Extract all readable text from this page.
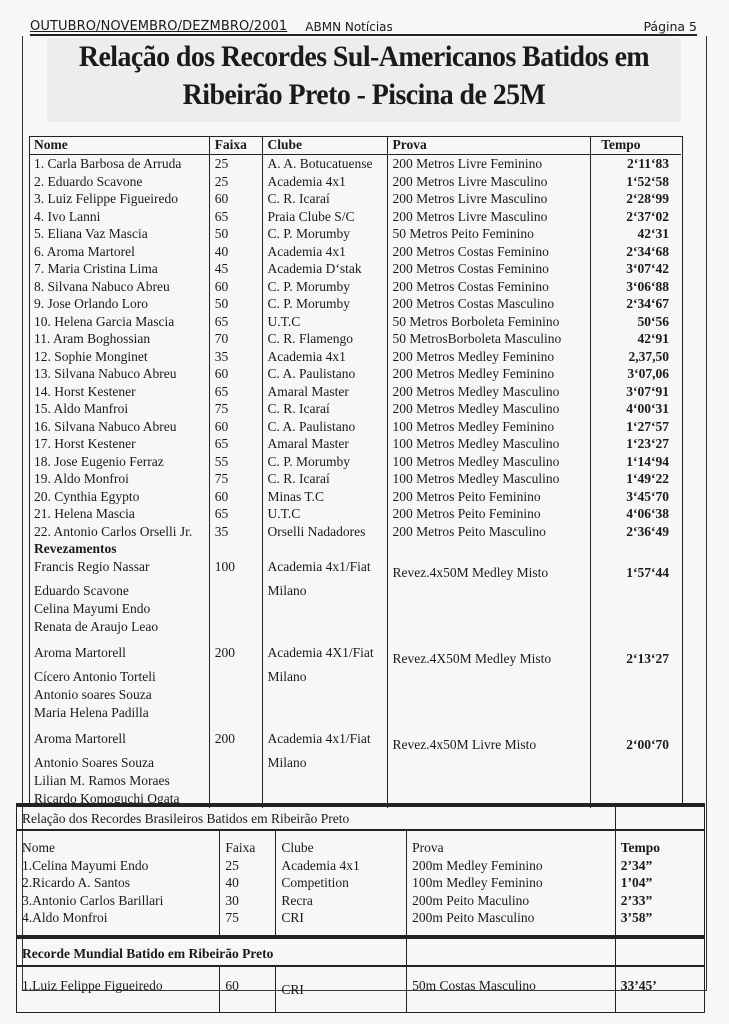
OUTUBRO/NOVEMBRO/DEZMBRO/2001 ABMN Notícias	Página 5
Relação dos Recordes Sul-Americanos Batidos em
Ribeirão Preto - Piscina de 25M
Nome	Faixa	Clube	Prova	Tempo
1. Carla Barbosa de Arruda	25	A. A. Botucatuense	200 Metros Livre Feminino	2‘11‘83
2. Eduardo Scavone	25	Academia 4x1	200 Metros Livre Masculino	1‘52‘58
3. Luiz Felippe Figueiredo	60	C. R. Icaraí	200 Metros Livre Masculino	2‘28‘99
4. Ivo Lanni	65	Praia Clube S/C	200 Metros Livre Masculino	2‘37‘02
5. Eliana Vaz Mascia	50	C. P. Morumby	50 Metros Peito Feminino	42‘31
6. Aroma Martorel	40	Academia 4x1	200 Metros Costas Feminino	2‘34‘68
7. Maria Cristina Lima	45	Academia D‘stak	200 Metros Costas Feminino	3‘07‘42
8. Silvana Nabuco Abreu	60	C. P. Morumby	200 Metros Costas Feminino	3‘06‘88
9. Jose Orlando Loro	50	C. P. Morumby	200 Metros Costas Masculino	2‘34‘67
10. Helena Garcia Mascia	65	U.T.C	50 Metros Borboleta Feminino	50‘56
11. Aram Boghossian	70	C. R. Flamengo	50 MetrosBorboleta Masculino	42‘91
12. Sophie Monginet	35	Academia 4x1	200 Metros Medley Feminino	2,37,50
13. Silvana Nabuco Abreu	60	C. A. Paulistano	200 Metros Medley Feminino	3‘07,06
14. Horst Kestener	65	Amaral Master	200 Metros Medley Masculino	3‘07‘91
15. Aldo Manfroi	75	C. R. Icaraí	200 Metros Medley Masculino	4‘00‘31
16. Silvana Nabuco Abreu	60	C. A. Paulistano	100 Metros Medley Feminino	1‘27‘57
17. Horst Kestener	65	Amaral Master	100 Metros Medley Masculino	1‘23‘27
18. Jose Eugenio Ferraz	55	C. P. Morumby	100 Metros Medley Masculino	1‘14‘94
19. Aldo Monfroi	75	C. R. Icaraí	100 Metros Medley Masculino	1‘49‘22
20. Cynthia Egypto	60	Minas T.C	200 Metros Peito Feminino	3‘45‘70
21. Helena Mascia	65	U.T.C	200 Metros Peito Feminino	4‘06‘38
22. Antonio Carlos Orselli Jr.	35	Orselli Nadadores	200 Metros Peito Masculino	2‘36‘49
Revezamentos				
Francis Regio Nassar	100	Academia 4x1/Fiat	Revez.4x50M Medley Misto	1‘57‘44
Eduardo Scavone		Milano		
Celina Mayumi Endo				
Renata de Araujo Leao				

Aroma Martorell	200	Academia 4X1/Fiat	Revez.4X50M Medley Misto	2‘13‘27
Cícero Antonio Torteli		Milano		
Antonio soares Souza				
Maria Helena Padilla				

Aroma Martorell	200	Academia 4x1/Fiat	Revez.4x50M Livre Misto	2‘00‘70
Antonio Soares Souza		Milano		
Lilian M. Ramos Moraes				
Ricardo Komoguchi Ogata				
Relação dos Recordes Brasileiros Batidos em Ribeirão Preto				
Nome	Faixa	Clube	Prova	Tempo
1.Celina Mayumi Endo	25	Academia 4x1	200m Medley Feminino	2’34”
2.Ricardo A. Santos	40	Competition	100m Medley Feminino	1’04”
3.Antonio Carlos Barillari	30	Recra	200m Peito Maculino	2’33”
4.Aldo Monfroi	75	CRI	200m Peito Masculino	3’58”
Recorde Mundial Batido em Ribeirão Preto				
1.Luiz Felippe Figueiredo	60	CRI	50m Costas Masculino	33’45’
